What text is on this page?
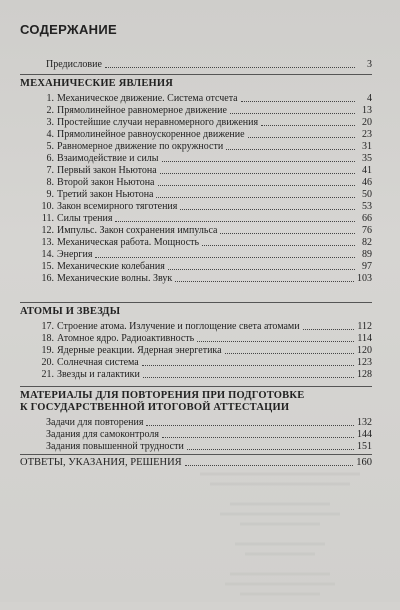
СОДЕРЖАНИЕ
Предисловие	3
МЕХАНИЧЕСКИЕ ЯВЛЕНИЯ
1. Механическое движение. Система отсчета	4
2. Прямолинейное равномерное движение	13
3. Простейшие случаи неравномерного движения	20
4. Прямолинейное равноускоренное движение	23
5. Равномерное движение по окружности	31
6. Взаимодействие и силы	35
7. Первый закон Ньютона	41
8. Второй закон Ньютона	46
9. Третий закон Ньютона	50
10. Закон всемирного тяготения	53
11. Силы трения	66
12. Импульс. Закон сохранения импульса	76
13. Механическая работа. Мощность	82
14. Энергия	89
15. Механические колебания	97
16. Механические волны. Звук	103
АТОМЫ И ЗВЕЗДЫ
17. Строение атома. Излучение и поглощение света атомами	112
18. Атомное ядро. Радиоактивность	114
19. Ядерные реакции. Ядерная энергетика	120
20. Солнечная система	123
21. Звезды и галактики	128
МАТЕРИАЛЫ ДЛЯ ПОВТОРЕНИЯ ПРИ ПОДГОТОВКЕ
К ГОСУДАРСТВЕННОЙ ИТОГОВОЙ АТТЕСТАЦИИ
Задачи для повторения	132
Задания для самоконтроля	144
Задания повышенной трудности	151
ОТВЕТЫ, УКАЗАНИЯ, РЕШЕНИЯ	160
